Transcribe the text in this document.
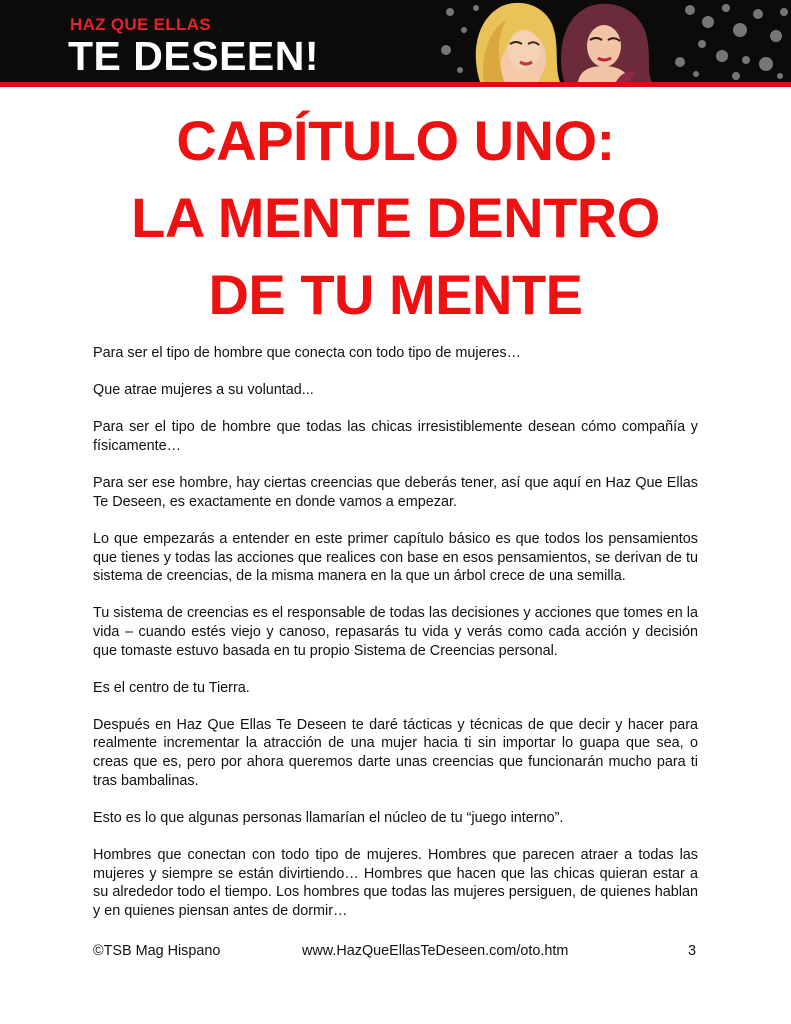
HAZ QUE ELLAS
TE DESEEN!
CAPÍTULO UNO:
LA MENTE DENTRO
DE TU MENTE

Para ser el tipo de hombre que conecta con todo tipo de mujeres…

Que atrae mujeres a su voluntad...

Para ser el tipo de hombre que todas las chicas irresistiblemente desean cómo compañía y físicamente…

Para ser ese hombre, hay ciertas creencias que deberás tener, así que aquí en Haz Que Ellas Te Deseen, es exactamente en donde vamos a empezar.

Lo que empezarás a entender en este primer capítulo básico es que todos los pensamientos que tienes y todas las acciones que realices con base en esos pensamientos, se derivan de tu sistema de creencias, de la misma manera en la que un árbol crece de una semilla.

Tu sistema de creencias es el responsable de todas las decisiones y acciones que tomes en la vida – cuando estés viejo y canoso, repasarás tu vida y verás como cada acción y decisión que tomaste estuvo basada en tu propio Sistema de Creencias personal.

Es el centro de tu Tierra.

Después en Haz Que Ellas Te Deseen te daré tácticas y técnicas de que decir y hacer para realmente incrementar la atracción de una mujer hacia ti sin importar lo guapa que sea, o creas que es, pero por ahora queremos darte unas creencias que funcionarán mucho para ti tras bambalinas.

Esto es lo que algunas personas llamarían el núcleo de tu “juego interno”.

Hombres que conectan con todo tipo de mujeres. Hombres que parecen atraer a todas las mujeres y siempre se están divirtiendo… Hombres que hacen que las chicas quieran estar a su alrededor todo el tiempo. Los hombres que todas las mujeres persiguen, de quienes hablan y en quienes piensan antes de dormir…

©TSB Mag Hispano	www.HazQueEllasTeDeseen.com/oto.htm	3
